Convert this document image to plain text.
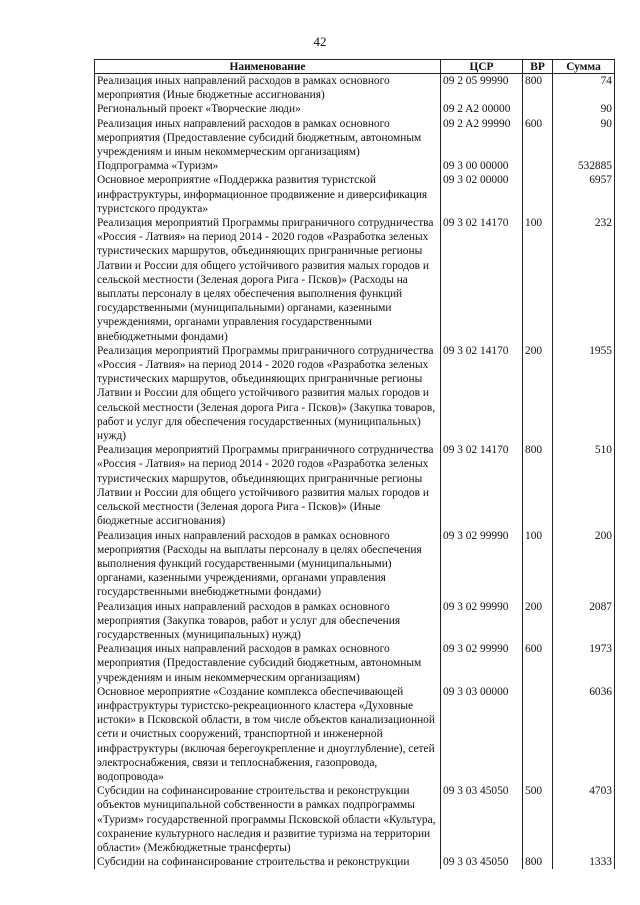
42
Наименование	ЦСР	ВР	Сумма
Реализация иных направлений расходов в рамках основного мероприятия (Иные бюджетные ассигнования)	09 2 05 99990	800	74
Региональный проект «Творческие люди»	09 2 A2 00000		90
Реализация иных направлений расходов в рамках основного мероприятия (Предоставление субсидий бюджетным, автономным учреждениям и иным некоммерческим организациям)	09 2 A2 99990	600	90
Подпрограмма «Туризм»	09 3 00 00000		532885
Основное мероприятие «Поддержка развития туристской инфраструктуры, информационное продвижение и диверсификация туристского продукта»	09 3 02 00000		6957
Реализация мероприятий Программы приграничного сотрудничества «Россия - Латвия» на период 2014 - 2020 годов «Разработка зеленых туристических маршрутов, объединяющих приграничные регионы Латвии и России для общего устойчивого развития малых городов и сельской местности (Зеленая дорога Рига - Псков)» (Расходы на выплаты персоналу в целях обеспечения выполнения функций государственными (муниципальными) органами, казенными учреждениями, органами управления государственными внебюджетными фондами)	09 3 02 14170	100	232
Реализация мероприятий Программы приграничного сотрудничества «Россия - Латвия» на период 2014 - 2020 годов «Разработка зеленых туристических маршрутов, объединяющих приграничные регионы Латвии и России для общего устойчивого развития малых городов и сельской местности (Зеленая дорога Рига - Псков)» (Закупка товаров, работ и услуг для обеспечения государственных (муниципальных) нужд)	09 3 02 14170	200	1955
Реализация мероприятий Программы приграничного сотрудничества «Россия - Латвия» на период 2014 - 2020 годов «Разработка зеленых туристических маршрутов, объединяющих приграничные регионы Латвии и России для общего устойчивого развития малых городов и сельской местности (Зеленая дорога Рига - Псков)» (Иные бюджетные ассигнования)	09 3 02 14170	800	510
Реализация иных направлений расходов в рамках основного мероприятия (Расходы на выплаты персоналу в целях обеспечения выполнения функций государственными (муниципальными) органами, казенными учреждениями, органами управления государственными внебюджетными фондами)	09 3 02 99990	100	200
Реализация иных направлений расходов в рамках основного мероприятия (Закупка товаров, работ и услуг для обеспечения государственных (муниципальных) нужд)	09 3 02 99990	200	2087
Реализация иных направлений расходов в рамках основного мероприятия (Предоставление субсидий бюджетным, автономным учреждениям и иным некоммерческим организациям)	09 3 02 99990	600	1973
Основное мероприятие «Создание комплекса обеспечивающей инфраструктуры туристско-рекреационного кластера «Духовные истоки» в Псковской области, в том числе объектов канализационной сети и очистных сооружений, транспортной и инженерной инфраструктуры (включая берегоукрепление и дноуглубление), сетей электроснабжения, связи и теплоснабжения, газопровода, водопровода»	09 3 03 00000		6036
Субсидии на софинансирование строительства и реконструкции объектов муниципальной собственности в рамках подпрограммы «Туризм» государственной программы Псковской области «Культура, сохранение культурного наследия и развитие туризма на территории области» (Межбюджетные трансферты)	09 3 03 45050	500	4703
Субсидии на софинансирование строительства и реконструкции	09 3 03 45050	800	1333
